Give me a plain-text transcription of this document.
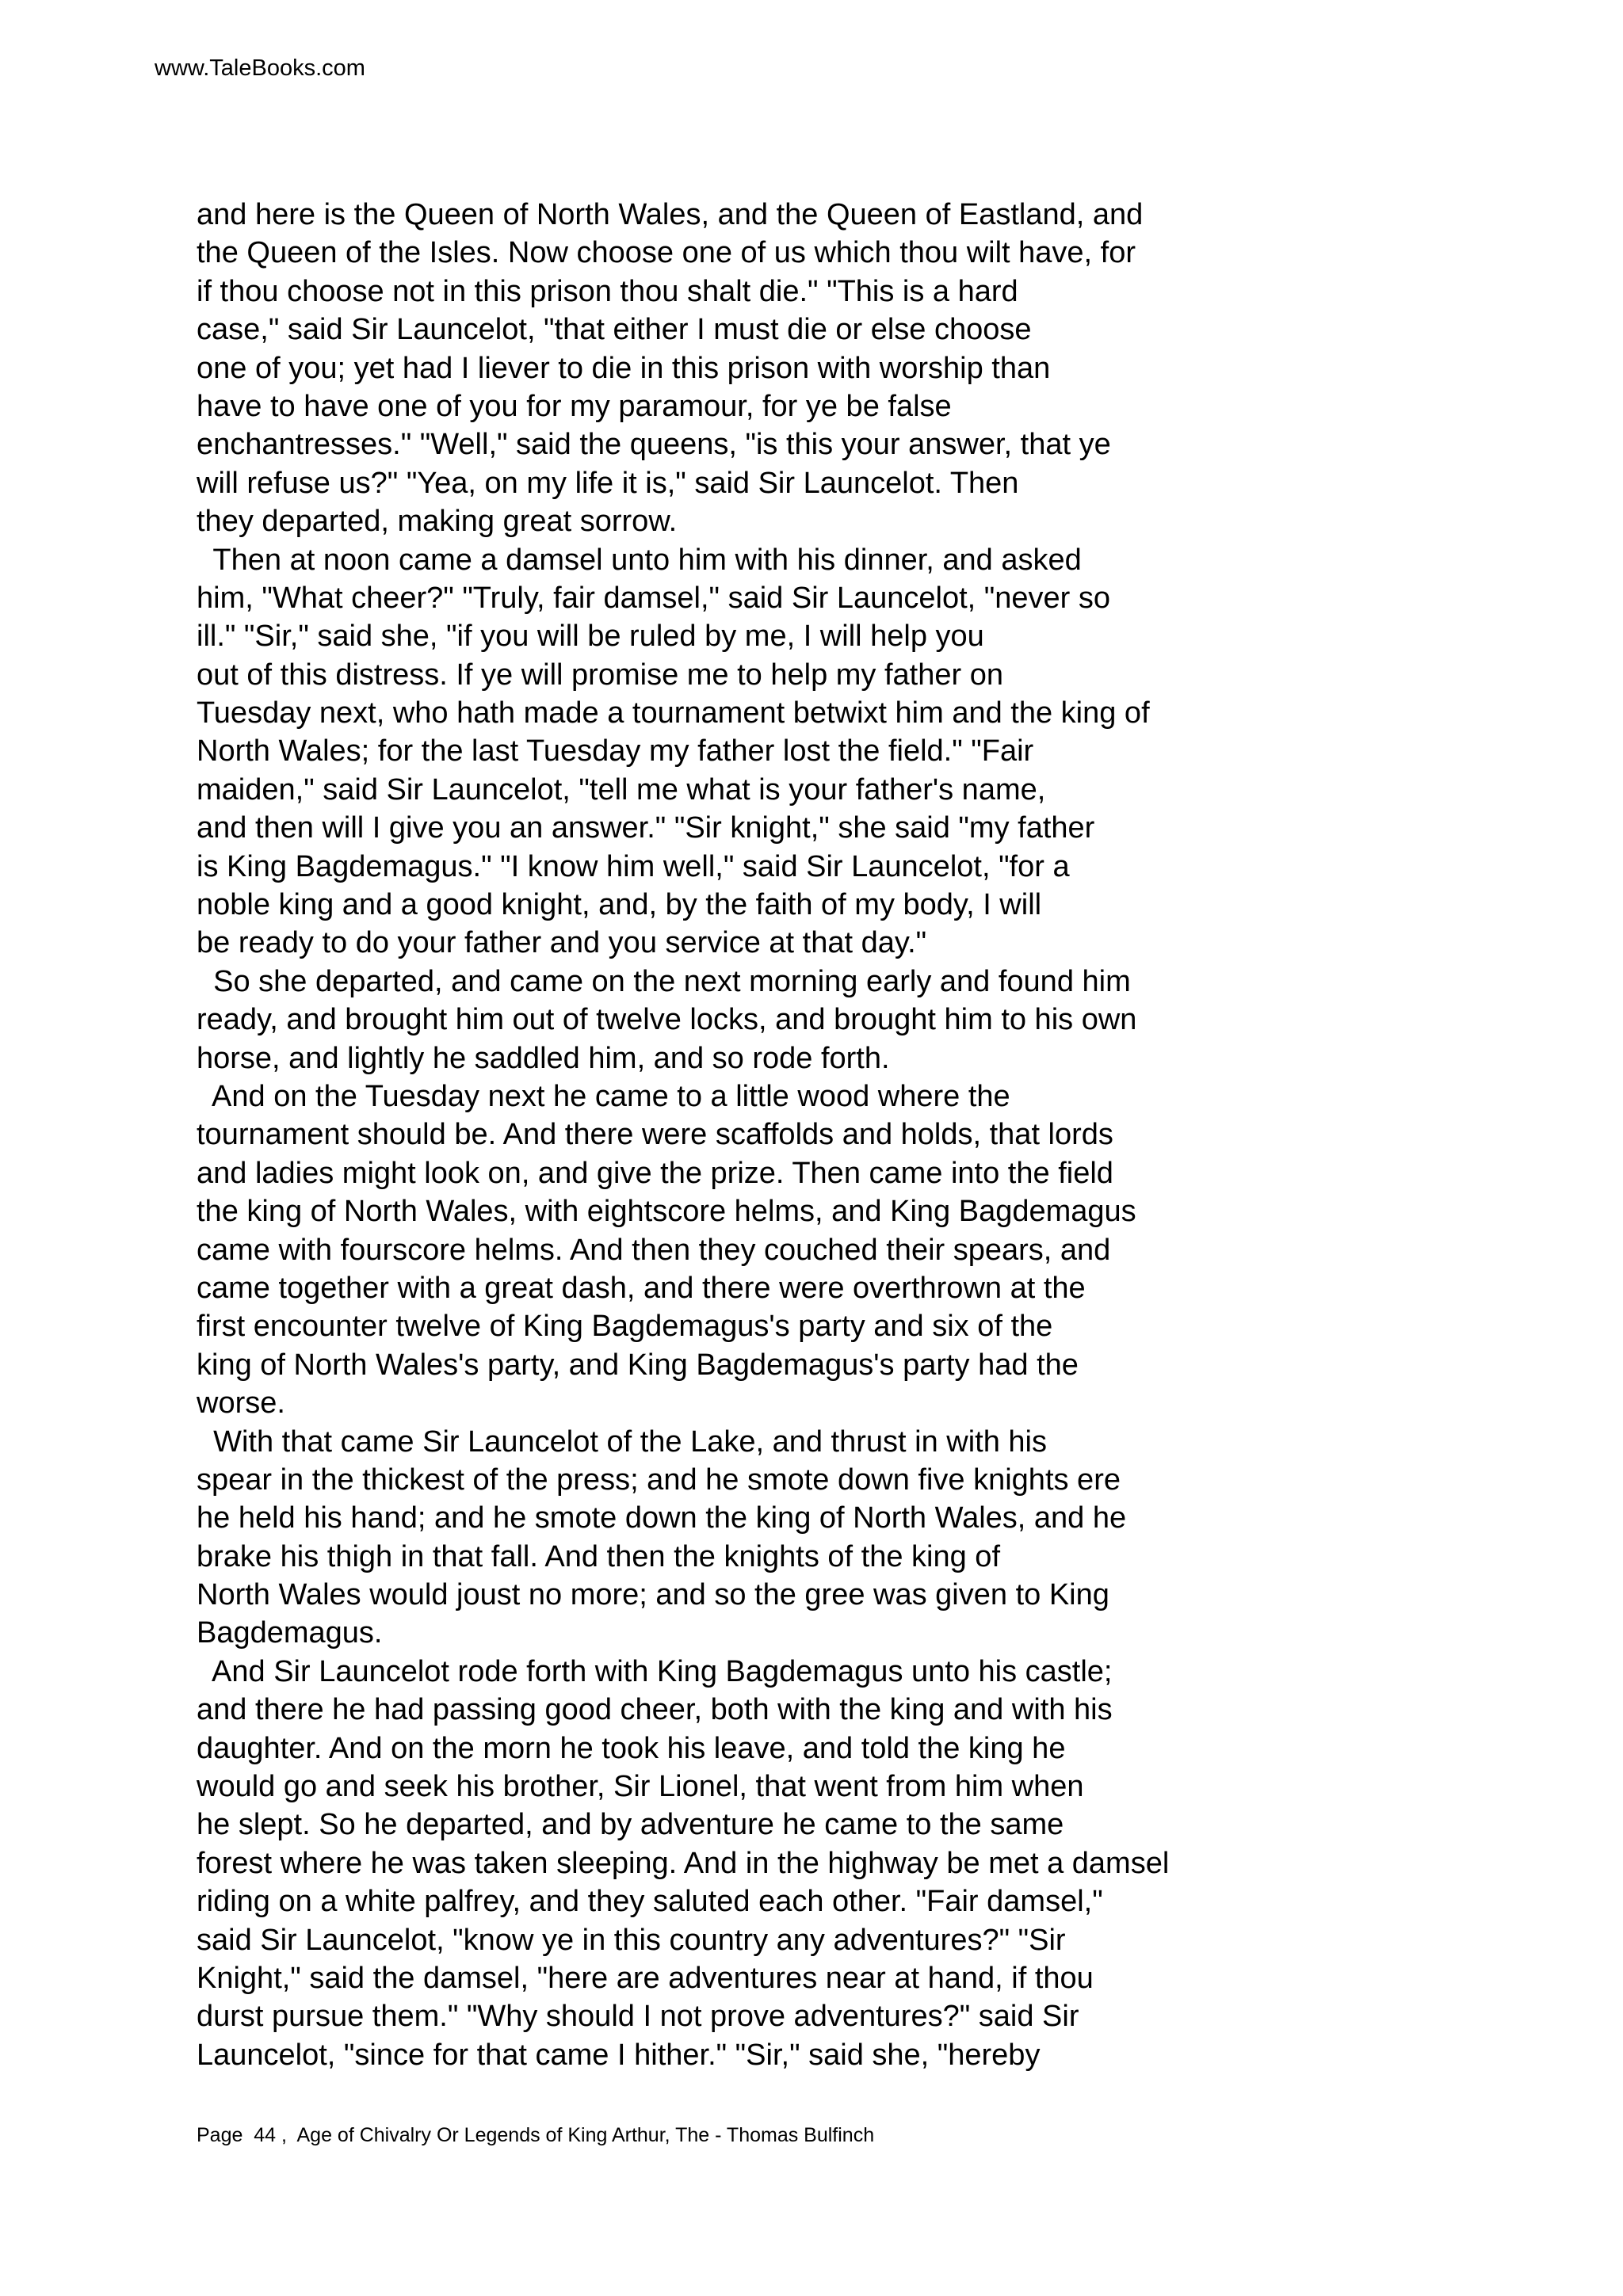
www.TaleBooks.com
and here is the Queen of North Wales, and the Queen of Eastland, and
the Queen of the Isles. Now choose one of us which thou wilt have, for
if thou choose not in this prison thou shalt die." "This is a hard
case," said Sir Launcelot, "that either I must die or else choose
one of you; yet had I liever to die in this prison with worship than
have to have one of you for my paramour, for ye be false
enchantresses." "Well," said the queens, "is this your answer, that ye
will refuse us?" "Yea, on my life it is," said Sir Launcelot. Then
they departed, making great sorrow.
Then at noon came a damsel unto him with his dinner, and asked
him, "What cheer?" "Truly, fair damsel," said Sir Launcelot, "never so
ill." "Sir," said she, "if you will be ruled by me, I will help you
out of this distress. If ye will promise me to help my father on
Tuesday next, who hath made a tournament betwixt him and the king of
North Wales; for the last Tuesday my father lost the field." "Fair
maiden," said Sir Launcelot, "tell me what is your father's name,
and then will I give you an answer." "Sir knight," she said "my father
is King Bagdemagus." "I know him well," said Sir Launcelot, "for a
noble king and a good knight, and, by the faith of my body, I will
be ready to do your father and you service at that day."
So she departed, and came on the next morning early and found him
ready, and brought him out of twelve locks, and brought him to his own
horse, and lightly he saddled him, and so rode forth.
And on the Tuesday next he came to a little wood where the
tournament should be. And there were scaffolds and holds, that lords
and ladies might look on, and give the prize. Then came into the field
the king of North Wales, with eightscore helms, and King Bagdemagus
came with fourscore helms. And then they couched their spears, and
came together with a great dash, and there were overthrown at the
first encounter twelve of King Bagdemagus's party and six of the
king of North Wales's party, and King Bagdemagus's party had the
worse.
With that came Sir Launcelot of the Lake, and thrust in with his
spear in the thickest of the press; and he smote down five knights ere
he held his hand; and he smote down the king of North Wales, and he
brake his thigh in that fall. And then the knights of the king of
North Wales would joust no more; and so the gree was given to King
Bagdemagus.
And Sir Launcelot rode forth with King Bagdemagus unto his castle;
and there he had passing good cheer, both with the king and with his
daughter. And on the morn he took his leave, and told the king he
would go and seek his brother, Sir Lionel, that went from him when
he slept. So he departed, and by adventure he came to the same
forest where he was taken sleeping. And in the highway be met a damsel
riding on a white palfrey, and they saluted each other. "Fair damsel,"
said Sir Launcelot, "know ye in this country any adventures?" "Sir
Knight," said the damsel, "here are adventures near at hand, if thou
durst pursue them." "Why should I not prove adventures?" said Sir
Launcelot, "since for that came I hither." "Sir," said she, "hereby
Page  44 ,  Age of Chivalry Or Legends of King Arthur, The - Thomas Bulfinch
